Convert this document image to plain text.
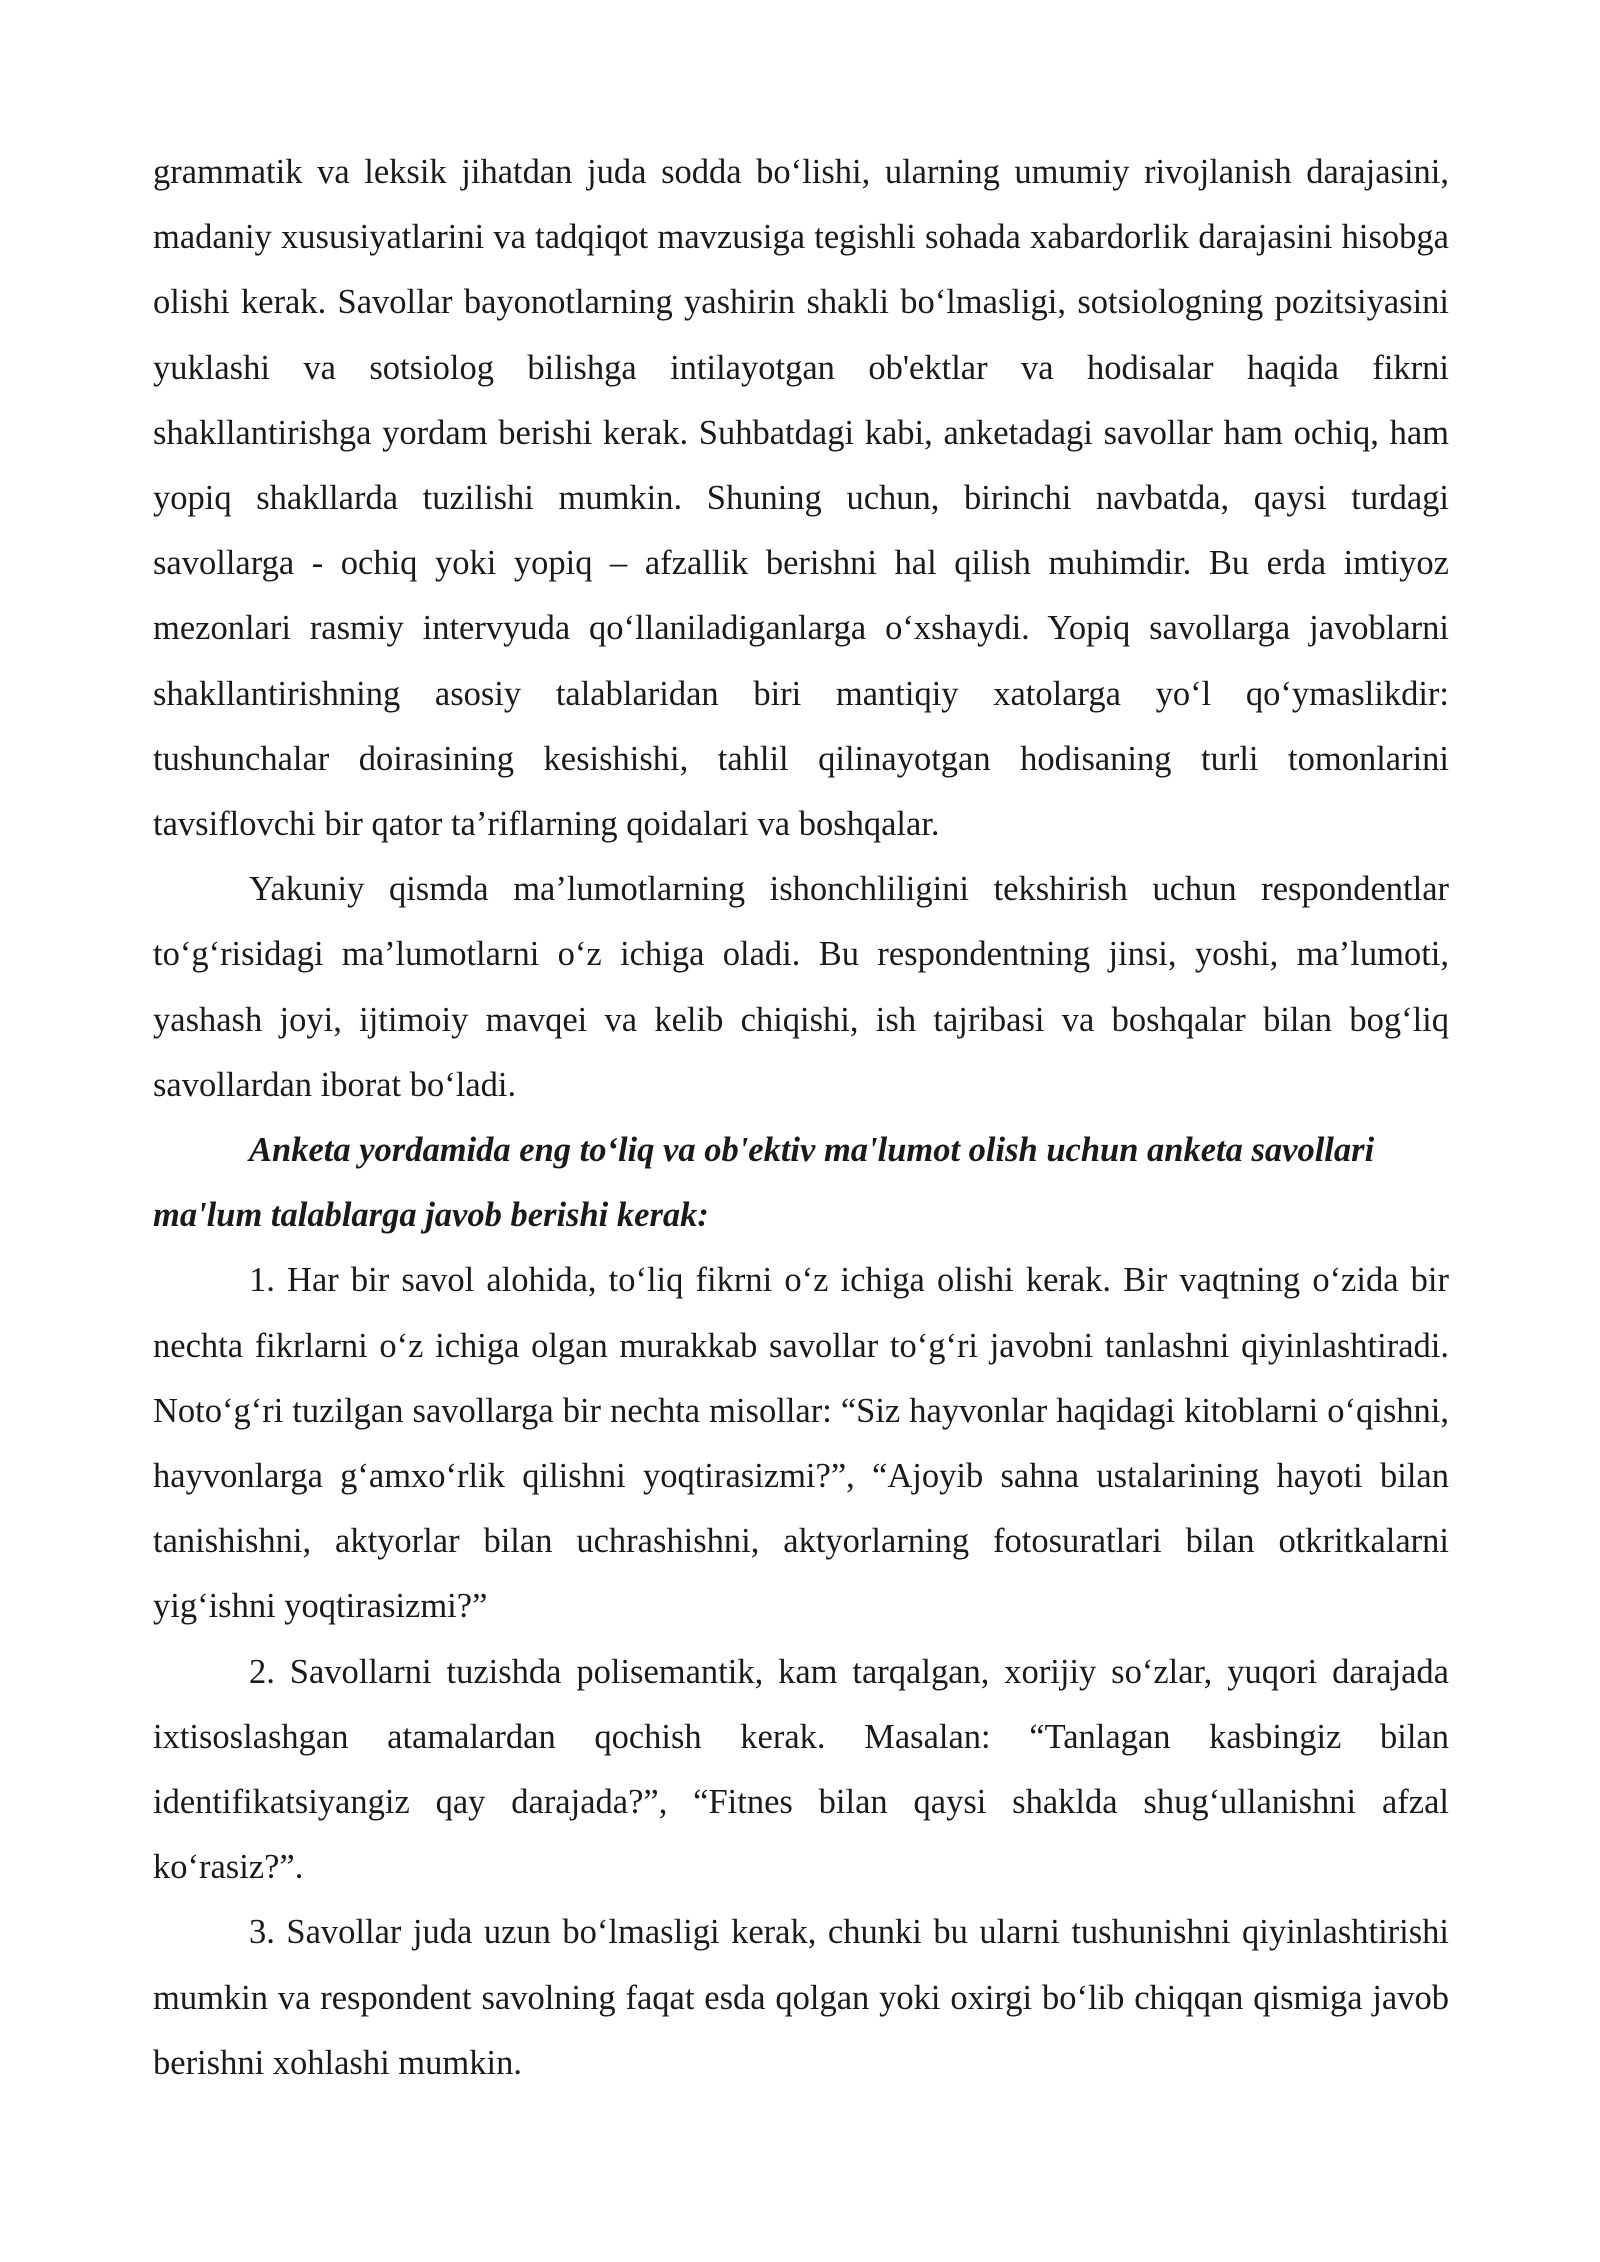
grammatik va leksik jihatdan juda sodda bo‘lishi, ularning umumiy rivojlanish darajasini, madaniy xususiyatlarini va tadqiqot mavzusiga tegishli sohada xabardorlik darajasini hisobga olishi kerak. Savollar bayonotlarning yashirin shakli bo‘lmasligi, sotsiologning pozitsiyasini yuklashi va sotsiolog bilishga intilayotgan ob'ektlar va hodisalar haqida fikrni shakllantirishga yordam berishi kerak. Suhbatdagi kabi, anketadagi savollar ham ochiq, ham yopiq shakllarda tuzilishi mumkin. Shuning uchun, birinchi navbatda, qaysi turdagi savollarga - ochiq yoki yopiq – afzallik berishni hal qilish muhimdir. Bu erda imtiyoz mezonlari rasmiy intervyuda qo‘llaniladiganlarga o‘xshaydi. Yopiq savollarga javoblarni shakllantirishning asosiy talablaridan biri mantiqiy xatolarga yo‘l qo‘ymaslikdir: tushunchalar doirasining kesishishi, tahlil qilinayotgan hodisaning turli tomonlarini tavsiflovchi bir qator ta’riflarning qoidalari va boshqalar.

Yakuniy qismda ma’lumotlarning ishonchliligini tekshirish uchun respondentlar to‘g‘risidagi ma’lumotlarni o‘z ichiga oladi. Bu respondentning jinsi, yoshi, ma’lumoti, yashash joyi, ijtimoiy mavqei va kelib chiqishi, ish tajribasi va boshqalar bilan bog‘liq savollardan iborat bo‘ladi.

Anketa yordamida eng to‘liq va ob'ektiv ma'lumot olish uchun anketa savollari ma'lum talablarga javob berishi kerak:

1. Har bir savol alohida, to‘liq fikrni o‘z ichiga olishi kerak. Bir vaqtning o‘zida bir nechta fikrlarni o‘z ichiga olgan murakkab savollar to‘g‘ri javobni tanlashni qiyinlashtiradi. Noto‘g‘ri tuzilgan savollarga bir nechta misollar: “Siz hayvonlar haqidagi kitoblarni o‘qishni, hayvonlarga g‘amxo‘rlik qilishni yoqtirasizmi?”, “Ajoyib sahna ustalarining hayoti bilan tanishishni, aktyorlar bilan uchrashishni, aktyorlarning fotosuratlari bilan otkritkalarni yig‘ishni yoqtirasizmi?”

2. Savollarni tuzishda polisemantik, kam tarqalgan, xorijiy so‘zlar, yuqori darajada ixtisoslashgan atamalardan qochish kerak. Masalan: “Tanlagan kasbingiz bilan identifikatsiyangiz qay darajada?”, “Fitnes bilan qaysi shaklda shug‘ullanishni afzal ko‘rasiz?”.

3. Savollar juda uzun bo‘lmasligi kerak, chunki bu ularni tushunishni qiyinlashtirishi mumkin va respondent savolning faqat esda qolgan yoki oxirgi bo‘lib chiqqan qismiga javob berishni xohlashi mumkin.
